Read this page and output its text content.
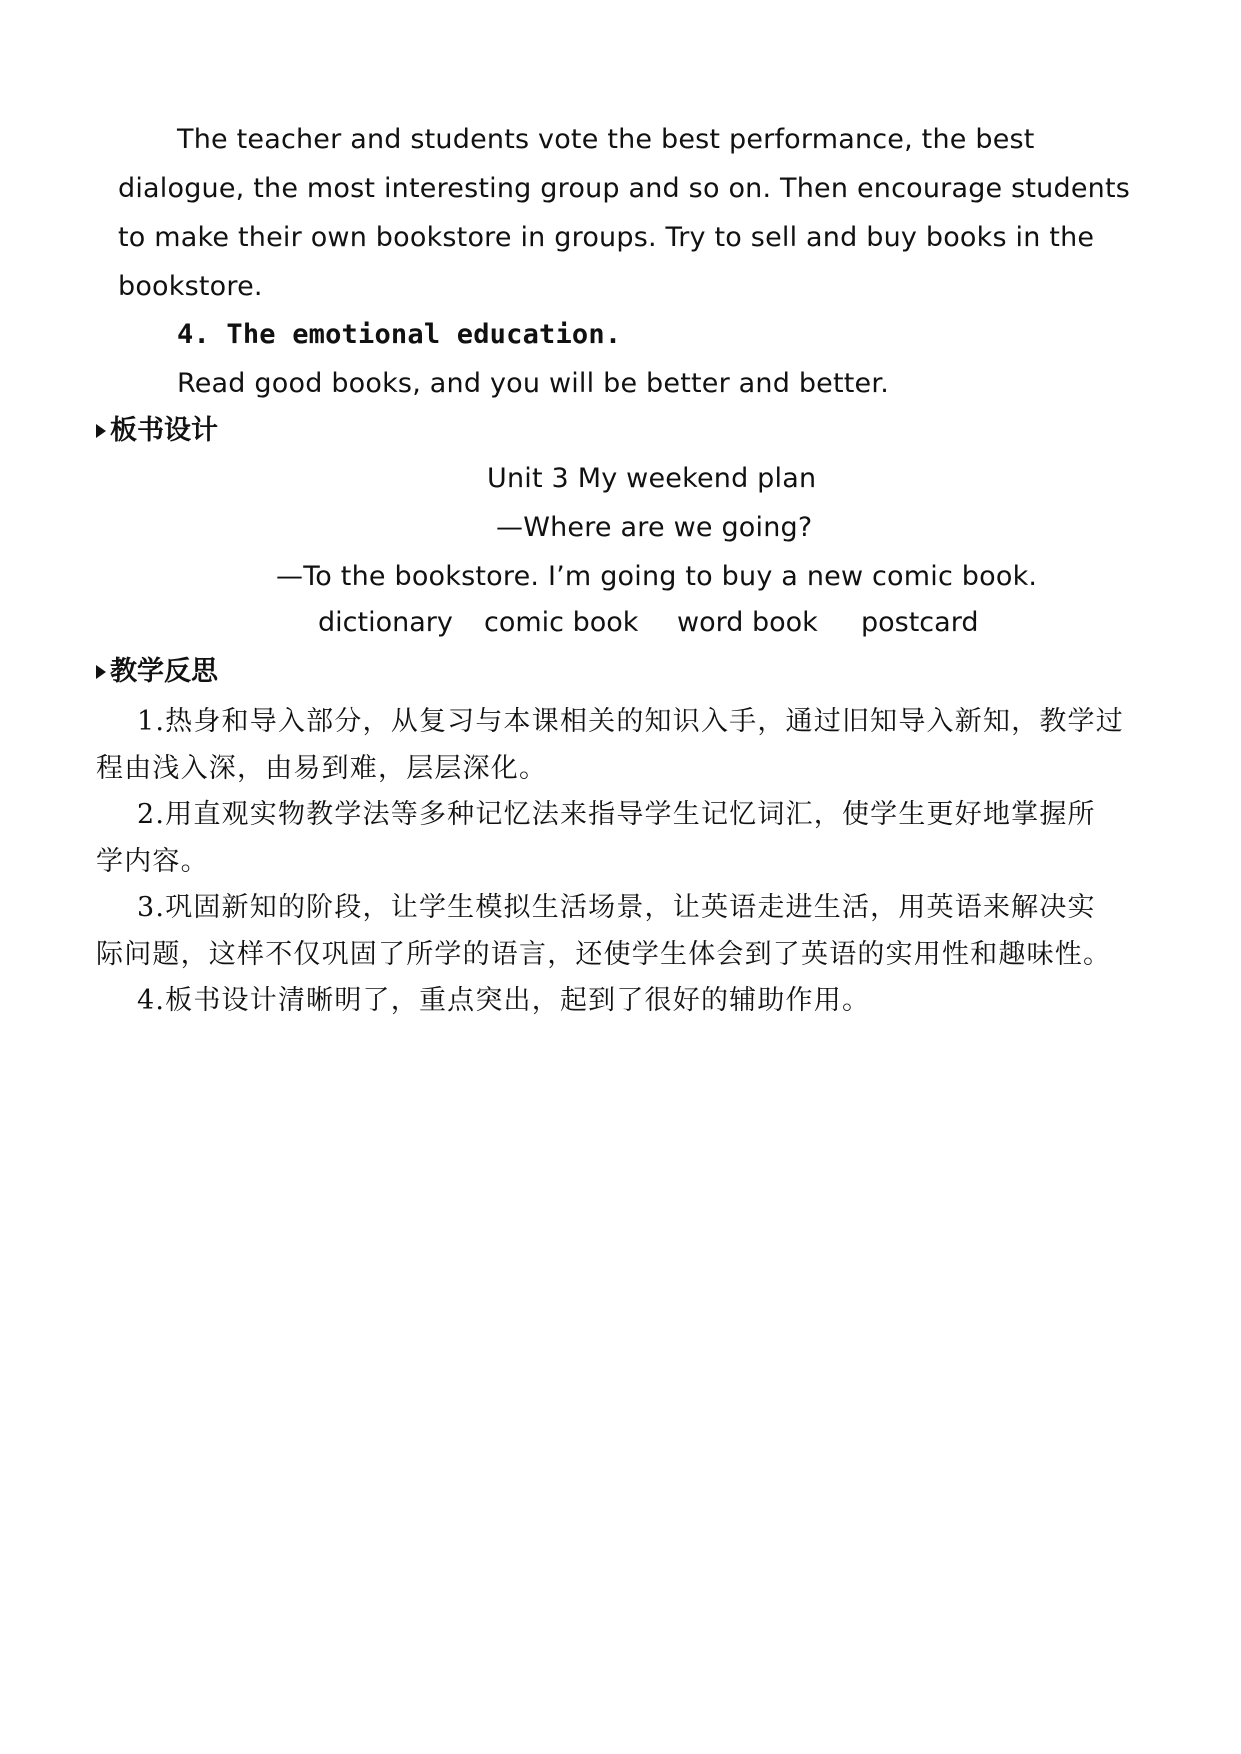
The teacher and students vote the best performance, the best
dialogue, the most interesting group and so on. Then encourage students
to make their own bookstore in groups. Try to sell and buy books in the
bookstore.
4. The emotional education.
Read good books, and you will be better and better.
板书设计
Unit 3 My weekend plan
—Where are we going?
—To the bookstore. I’m going to buy a new comic book.
dictionary comic book word book postcard
教学反思
1.热身和导入部分，从复习与本课相关的知识入手，通过旧知导入新知，教学过
程由浅入深，由易到难，层层深化。
2.用直观实物教学法等多种记忆法来指导学生记忆词汇，使学生更好地掌握所
学内容。
3.巩固新知的阶段，让学生模拟生活场景，让英语走进生活，用英语来解决实
际问题，这样不仅巩固了所学的语言，还使学生体会到了英语的实用性和趣味性。
4.板书设计清晰明了，重点突出，起到了很好的辅助作用。
